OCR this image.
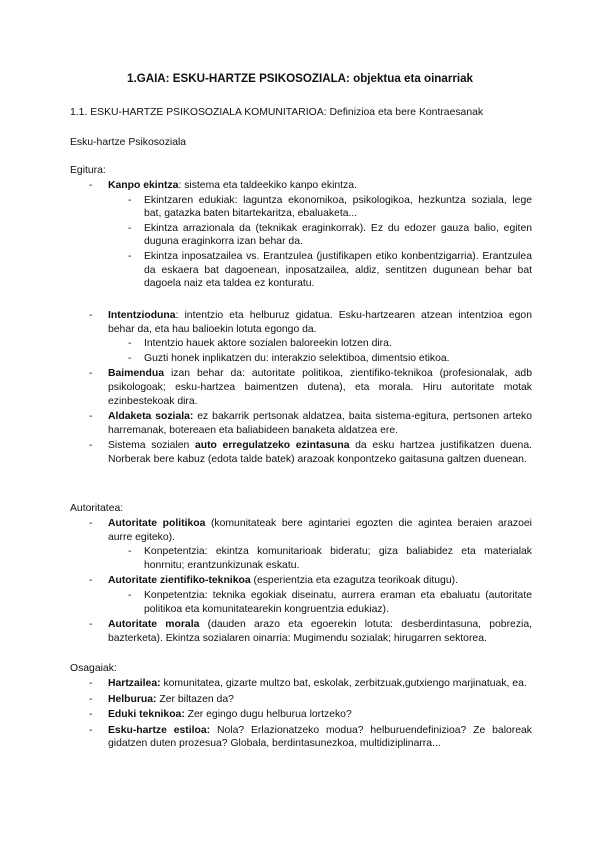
1.GAIA: ESKU-HARTZE PSIKOSOZIALA: objektua eta oinarriak
1.1. ESKU-HARTZE PSIKOSOZIALA KOMUNITARIOA: Definizioa eta bere Kontraesanak
Esku-hartze Psikosoziala
Egitura:
- Kanpo ekintza: sistema eta taldeekiko kanpo ekintza.
- Ekintzaren edukiak: laguntza ekonomikoa, psikologikoa, hezkuntza soziala, lege bat, gatazka baten bitartekaritza, ebaluaketa...
- Ekintza arrazionala da (teknikak eraginkorrak). Ez du edozer gauza balio, egiten duguna eraginkorra izan behar da.
- Ekintza inposatzailea vs. Erantzulea (justifikapen etiko konbentzigarria). Erantzulea da eskaera bat dagoenean, inposatzailea, aldiz, sentitzen dugunean behar bat dagoela naiz eta taldea ez konturatu.
- Intentzioduna: intentzio eta helburuz gidatua. Esku-hartzearen atzean intentzioa egon behar da, eta hau balioekin lotuta egongo da.
- Intentzio hauek aktore sozialen baloreekin lotzen dira.
- Guzti honek inplikatzen du: interakzio selektiboa, dimentsio etikoa.
- Baimendua izan behar da: autoritate politikoa, zientifiko-teknikoa (profesionalak, adb psikologoak; esku-hartzea baimentzen dutena), eta morala. Hiru autoritate motak ezinbestekoak dira.
- Aldaketa soziala: ez bakarrik pertsonak aldatzea, baita sistema-egitura, pertsonen arteko harremanak, botereaen eta baliabideen banaketa aldatzea ere.
- Sistema sozialen auto erregulatzeko ezintasuna da esku hartzea justifikatzen duena. Norberak bere kabuz (edota talde batek) arazoak konpontzeko gaitasuna galtzen duenean.
Autoritatea:
- Autoritate politikoa (komunitateak bere agintariei egozten die agintea beraien arazoei aurre egiteko).
- Konpetentzia: ekintza komunitarioak bideratu; giza baliabidez eta materialak honrnitu; erantzunkizunak eskatu.
- Autoritate zientifiko-teknikoa (esperientzia eta ezagutza teorikoak ditugu).
- Konpetentzia: teknika egokiak diseinatu, aurrera eraman eta ebaluatu (autoritate politikoa eta komunitatearekin kongruentzia edukiaz).
- Autoritate morala (dauden arazo eta egoerekin lotuta: desberdintasuna, pobrezia, bazterketa). Ekintza sozialaren oinarria: Mugimendu sozialak; hirugarren sektorea.
Osagaiak:
- Hartzailea: komunitatea, gizarte multzo bat, eskolak, zerbitzuak,gutxiengo marjinatuak, ea.
- Helburua: Zer biltazen da?
- Eduki teknikoa: Zer egingo dugu helburua lortzeko?
- Esku-hartze estiloa: Nola? Erlazionatzeko modua? helburuendefinizioa? Ze baloreak gidatzen duten prozesua? Globala, berdintasunezkoa, multidiziplinarra...
